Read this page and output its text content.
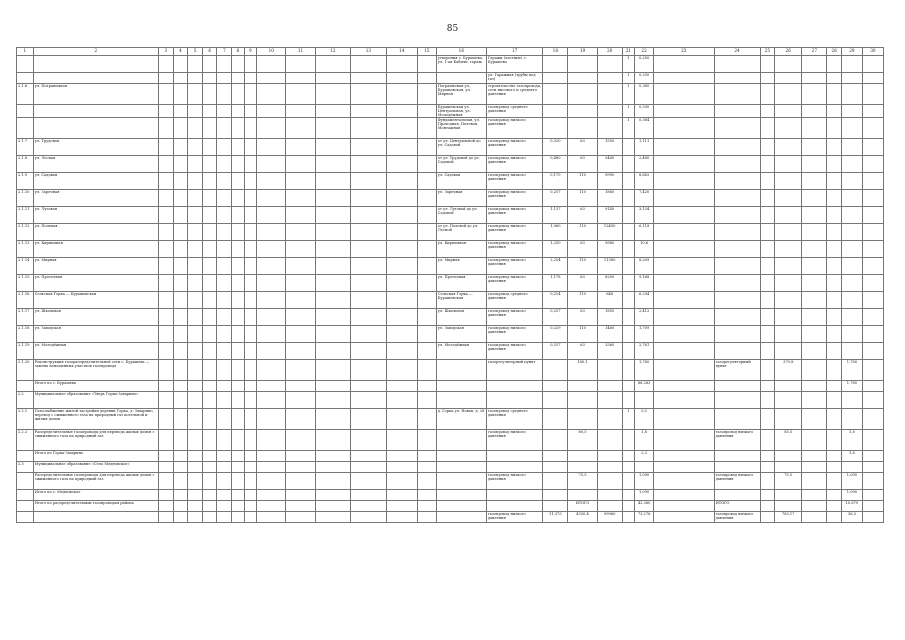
85
1	2	3	4	5	6	7	8	9	10	11	12	13	14	15	16	17	18	19	20	21	22	23	24	25	26	27	28	29	30
															утворення с. Бурашева, ул. 1-ая Бабичн. гараж.	Гаражи (частные) с. Бурашева				1	0,250								
																ул. Гаражная (трубы под газ)				1	0,250								
2.1.6	ул. Пограничная														Пограничная ул., Бурашевская, ул. Мирная	строительство газопровода, сети высокого и среднего давления				1	0,380								
															Бурашевская ул. Центральная, ул. Молодёжная	газопровод среднего давления				1	0,200								
															Фундаментальная, ул. Проходная, Полевая, Монтажная	газопровод низкого давления				1	0,384								
2.1.7	ул. Трудовая														от ул. Центральной до ул. Садовой	газопровод низкого давления	0,320	63	1550		1,111								
2.1.8	ул. Лесная														от ул. Трудовой до ул. Садовой	газопровод низкого давления	0,480	63	5460		2,480								
2.1.9	ул. Садовая														ул. Садовая	газопровод низкого давления	0,170	110	9990		8,662								
2.1.10	ул. Заречная														ул. Заречная	газопровод низкого давления	0,257	110	1860		7,420								
2.1.11	ул. Луговая														от ул. Луговой до ул. Садовой	газопровод низкого давления	1,137	63	9140		3,134								
2.1.12	ул. Полевая														от ул. Полевой до ул. Лесной	газопровод низкого давления	1,060	110	12450		6,118								
2.1.13	ул. Кирпичная														ул. Кирпичная	газопровод низкого давления	1,250	63	9980		10,6								
2.1.14	ул. Мирная														ул. Мирная	газопровод низкого давления	2,254	110	11380		8,209								
2.1.15	ул. Проточная														ул. Проточная	газопровод низкого давления	1,178	63	8200		9,168								
2.1.16	Сельская Горка — Бурашевская														Сельская Горка — Бурашевская	газопровод среднего давления	0,214	110	648		6,294								
2.1.17	ул. Школьная														ул. Школьная	газопровод низкого давления	0,257	63	1850		2,412								
2.1.18	ул. Заводская														ул. Заводская	газопровод низкого давления	0,229	110	1460		1,709								
2.1.19	ул. Молодёжная														ул. Молодёжная	газопровод низкого давления	0,257	63	2560		2,761								
2.1.20	Реконструкция газораспределительной сети с. Бурашева — замена изношенных участков газопровода															газорегуляторный пункт		180,1			1,780		газорегуляторный пункт		370,8			1,780	
	Итого по с. Бурашева																				86,283							1,780	
2.2	Муниципальное образование «Тверь Горка-Захарино»																												
2.2.1	Газоснабжение жилой застройки деревни Горка, д. Захарино, перевод с сжиженного газа на природный газ котельной и жилых домов														д. Горка ул. Новая, д. 28	газопровод среднего давления				1	0,5								
2.2.2	Распределительные газопроводы для перевода жилых домов с сжиженного газа на природный газ															газопровод низкого давления		80,5			1,8		газопровод низкого давления		85,5			1,8	
	Итого по Горка-Захарино																				2,3							1,8	
2.3	Муниципальное образование «Село Медновское»																												
	Распределительные газопроводы для перевода жилых домов с сжиженного газа на природный газ															газопровод низкого давления		75,5			1,090		газопровод низкого давления		75,5			1,090	
	Итого по с. Медновское																				1,090							1,090	
	Итого по распределительным газопроводам района																	ИТОГО			42,360		ИТОГО					10,670	
																газопровод низкого давления	11,375	4330,4	99960		73,276		газопровод низкого давления		783,17			36,3	
